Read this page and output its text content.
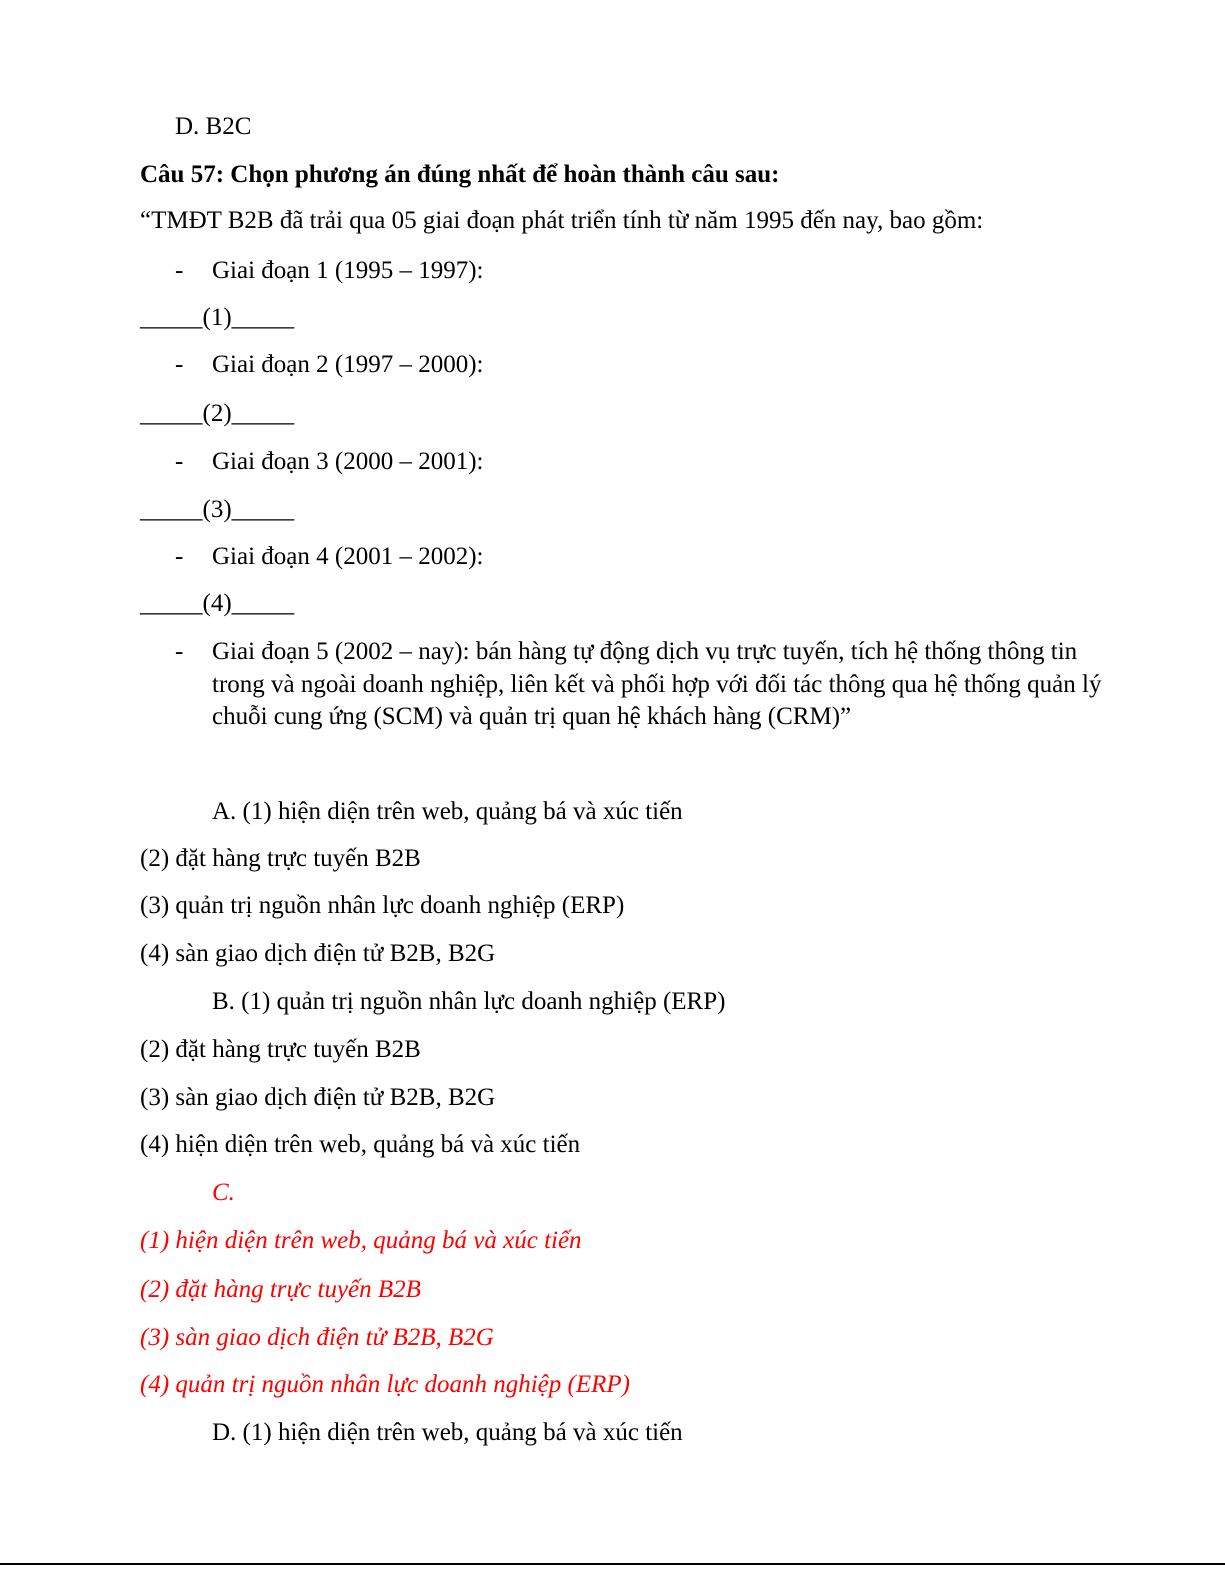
D. B2C
Câu 57: Chọn phương án đúng nhất để hoàn thành câu sau:
“TMĐT B2B đã trải qua 05 giai đoạn phát triển tính từ năm 1995 đến nay, bao gồm:
- Giai đoạn 1 (1995 – 1997):
_____(1)_____
- Giai đoạn 2 (1997 – 2000):
_____(2)_____
- Giai đoạn 3 (2000 – 2001):
_____(3)_____
- Giai đoạn 4 (2001 – 2002):
_____(4)_____
- Giai đoạn 5 (2002 – nay): bán hàng tự động dịch vụ trực tuyến, tích hệ thống thông tin trong và ngoài doanh nghiệp, liên kết và phối hợp với đối tác thông qua hệ thống quản lý chuỗi cung ứng (SCM) và quản trị quan hệ khách hàng (CRM)”
A. (1) hiện diện trên web, quảng bá và xúc tiến
(2) đặt hàng trực tuyến B2B
(3) quản trị nguồn nhân lực doanh nghiệp (ERP)
(4) sàn giao dịch điện tử B2B, B2G
B. (1) quản trị nguồn nhân lực doanh nghiệp (ERP)
(2) đặt hàng trực tuyến B2B
(3) sàn giao dịch điện tử B2B, B2G
(4) hiện diện trên web, quảng bá và xúc tiến
C.
(1) hiện diện trên web, quảng bá và xúc tiến
(2) đặt hàng trực tuyến B2B
(3) sàn giao dịch điện tử B2B, B2G
(4) quản trị nguồn nhân lực doanh nghiệp (ERP)
D. (1) hiện diện trên web, quảng bá và xúc tiến
